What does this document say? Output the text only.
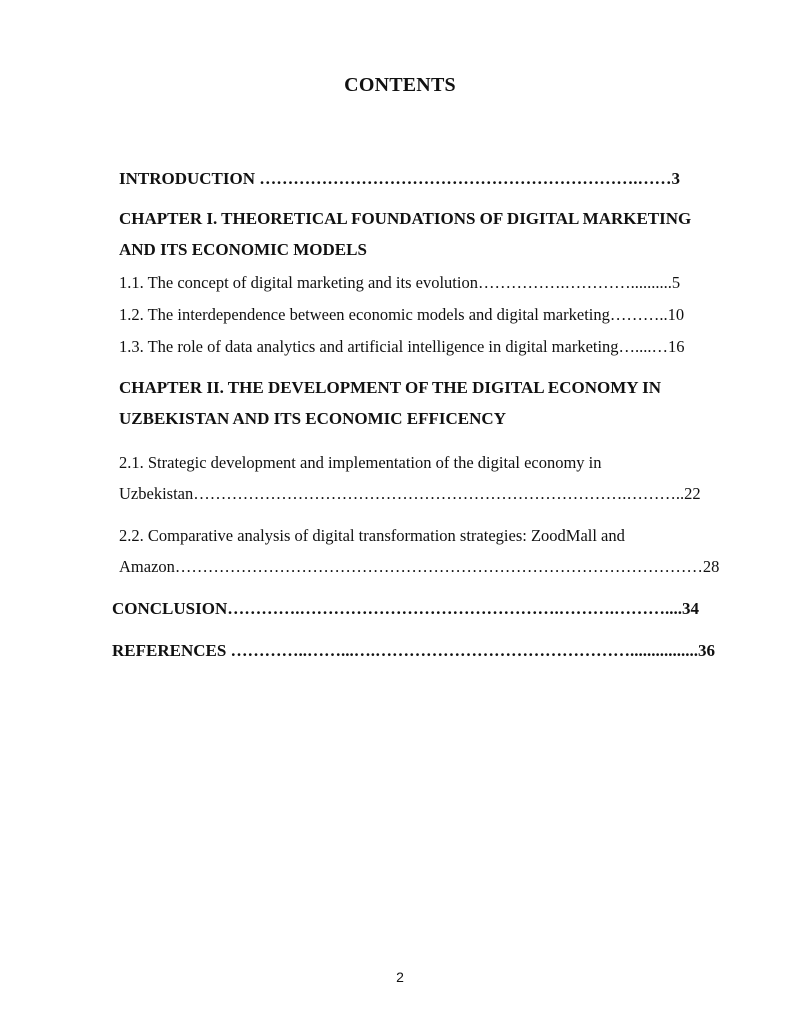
CONTENTS
INTRODUCTION ………………………………………………………….……3
CHAPTER I. THEORETICAL FOUNDATIONS OF DIGITAL MARKETING
AND ITS ECONOMIC MODELS
1.1. The concept of digital marketing and its evolution…………….…………..........5
1.2. The interdependence between economic models and digital marketing………..10
1.3. The role of data analytics and artificial intelligence in digital marketing…....…16
CHAPTER II. THE DEVELOPMENT OF THE DIGITAL ECONOMY IN
UZBEKISTAN AND ITS ECONOMIC EFFICENCY
2.1. Strategic development and implementation of the digital economy in
Uzbekistan…………………………………………………………………….………..22
2.2. Comparative analysis of digital transformation strategies: ZoodMall and
Amazon……………………………………………………………………………………28
CONCLUSION………….……………………………………….……….………....34
REFERENCES …………..……...….………………………………………................36
2
